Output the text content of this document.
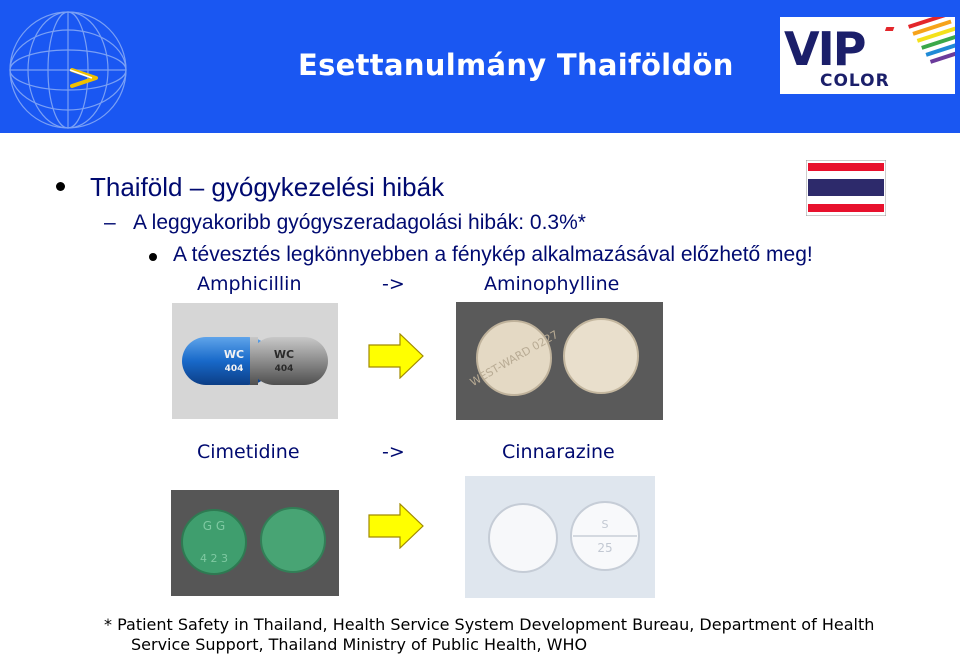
Esettanulmány Thaiföldön VIP
COLOR
Thaiföld – gyógykezelési hibák
– A leggyakoribb gyógyszeradagolási hibák: 0.3%*
A tévesztés legkönnyebben a fénykép alkalmazásával előzhető meg!
Amphicillin	->	Aminophylline
WC
404
WC
404	WEST-WARD 0227
Cimetidine	->	Cinnarazine
G G
4 2 3
S
25
* Patient Safety in Thailand, Health Service System Development Bureau, Department of Health
Service Support, Thailand Ministry of Public Health, WHO
